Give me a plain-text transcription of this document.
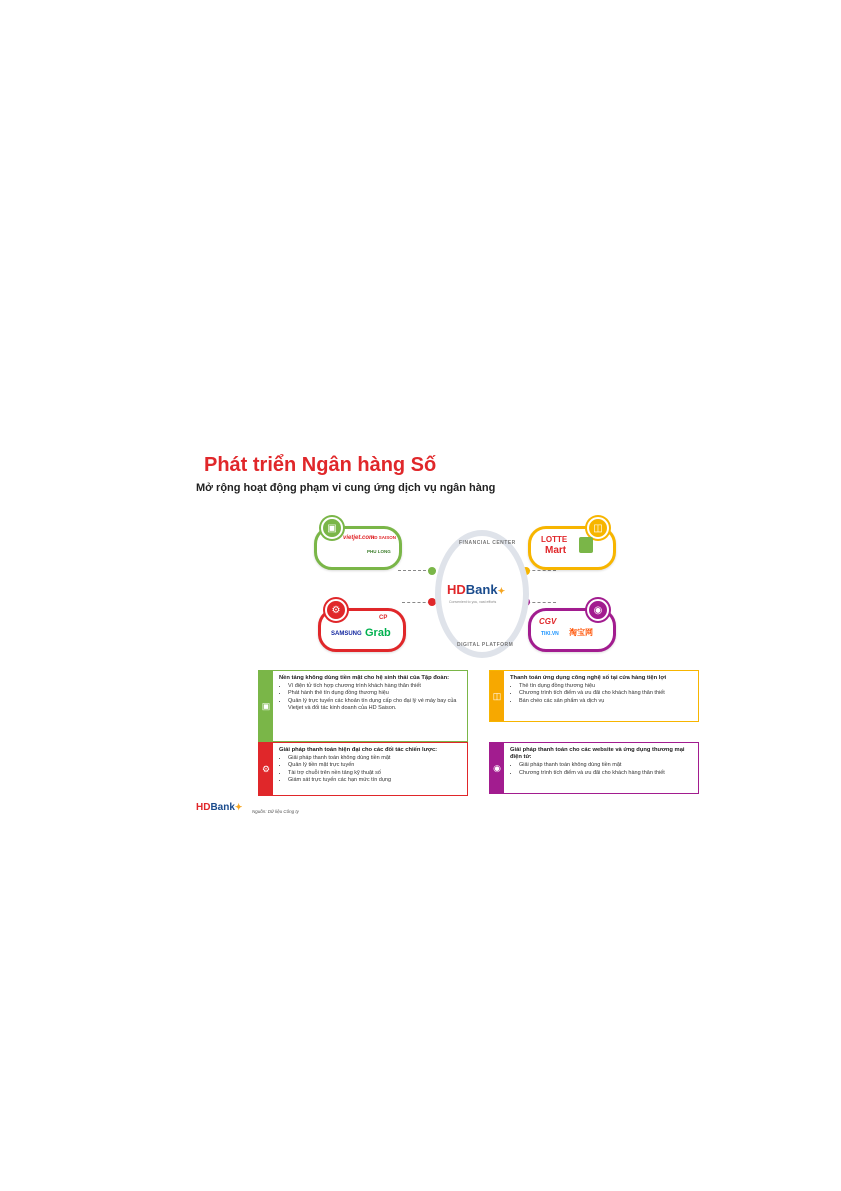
Phát triển Ngân hàng Số
Mở rộng hoạt động phạm vi cung ứng dịch vụ ngân hàng
FINANCIAL CENTER
HDBank✦
Convenient to you, vast efforts
DIGITAL PLATFORM
▣
vietjet.com
HD SAISON
PHU LONG
⚙
SAMSUNG Grab
CP
◫
LOTTE
Mart
◉
CGV
TIKI.VN 淘宝网
▣
Nền tảng không dùng tiền mặt cho hệ sinh thái của Tập đoàn:
• Ví điện tử tích hợp chương trình khách hàng thân thiết
• Phát hành thẻ tín dụng đồng thương hiệu
• Quản lý trực tuyến các khoản tín dụng cấp cho đại lý vé máy bay của Vietjet và đối tác kinh doanh của HD Saison.
◫
Thanh toán ứng dụng công nghệ số tại cửa hàng tiện lợi
• Thẻ tín dụng đồng thương hiệu
• Chương trình tích điểm và ưu đãi cho khách hàng thân thiết
• Bán chéo các sản phẩm và dịch vụ
⚙
Giải pháp thanh toán hiện đại cho các đối tác chiến lược:
• Giải pháp thanh toán không dùng tiền mặt
• Quản lý tiền mặt trực tuyến
• Tài trợ chuỗi trên nền tảng kỹ thuật số
• Giám sát trực tuyến các hạn mức tín dụng
◉
Giải pháp thanh toán cho các website và ứng dụng thương mại điện tử:
• Giải pháp thanh toán không dùng tiền mặt
• Chương trình tích điểm và ưu đãi cho khách hàng thân thiết
HDBank✦ Nguồn: Dữ liệu Công ty
